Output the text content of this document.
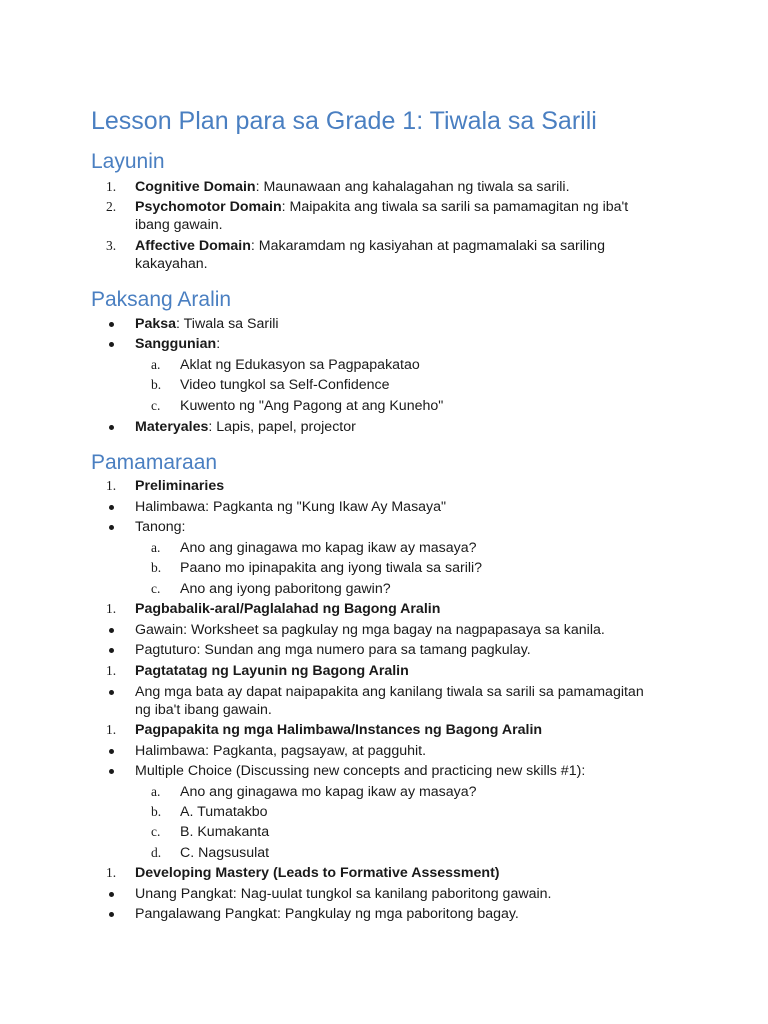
Lesson Plan para sa Grade 1: Tiwala sa Sarili
Layunin
1. Cognitive Domain: Maunawaan ang kahalagahan ng tiwala sa sarili.
2. Psychomotor Domain: Maipakita ang tiwala sa sarili sa pamamagitan ng iba't
ibang gawain.
3. Affective Domain: Makaramdam ng kasiyahan at pagmamalaki sa sariling
kakayahan.
Paksang Aralin
Paksa: Tiwala sa Sarili
Sanggunian:
a. Aklat ng Edukasyon sa Pagpapakatao
b. Video tungkol sa Self-Confidence
c. Kuwento ng "Ang Pagong at ang Kuneho"
Materyales: Lapis, papel, projector
Pamamaraan
1. Preliminaries
Halimbawa: Pagkanta ng "Kung Ikaw Ay Masaya"
Tanong:
a. Ano ang ginagawa mo kapag ikaw ay masaya?
b. Paano mo ipinapakita ang iyong tiwala sa sarili?
c. Ano ang iyong paboritong gawin?
1. Pagbabalik-aral/Paglalahad ng Bagong Aralin
Gawain: Worksheet sa pagkulay ng mga bagay na nagpapasaya sa kanila.
Pagtuturo: Sundan ang mga numero para sa tamang pagkulay.
1. Pagtatatag ng Layunin ng Bagong Aralin
Ang mga bata ay dapat naipapakita ang kanilang tiwala sa sarili sa pamamagitan
ng iba't ibang gawain.
1. Pagpapakita ng mga Halimbawa/Instances ng Bagong Aralin
Halimbawa: Pagkanta, pagsayaw, at pagguhit.
Multiple Choice (Discussing new concepts and practicing new skills #1):
a. Ano ang ginagawa mo kapag ikaw ay masaya?
b. A. Tumatakbo
c. B. Kumakanta
d. C. Nagsusulat
1. Developing Mastery (Leads to Formative Assessment)
Unang Pangkat: Nag-uulat tungkol sa kanilang paboritong gawain.
Pangalawang Pangkat: Pangkulay ng mga paboritong bagay.
